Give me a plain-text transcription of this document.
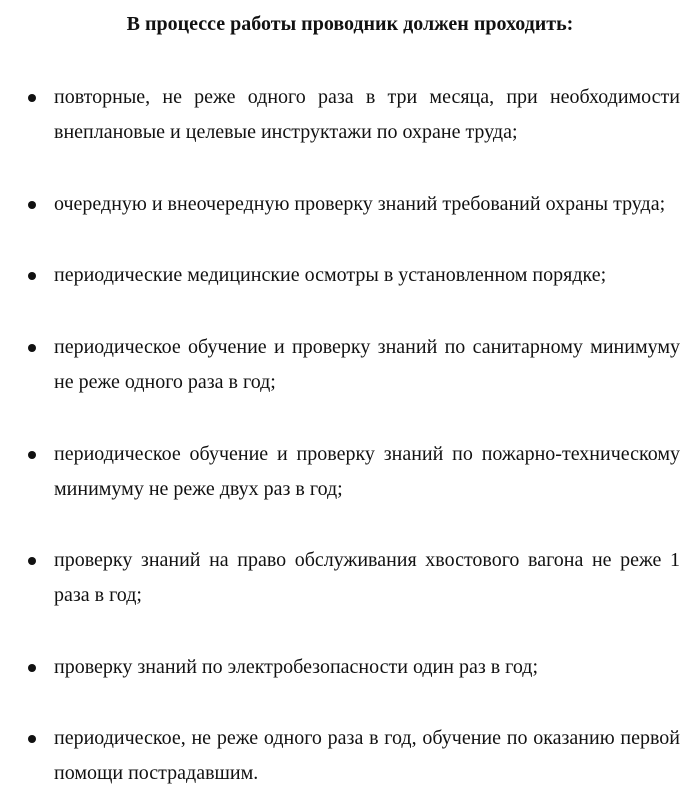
В процессе работы проводник должен проходить:
повторные, не реже одного раза в три месяца, при необходимости внеплановые и целевые инструктажи по охране труда;
очередную и внеочередную проверку знаний требований охраны труда;
периодические медицинские осмотры в установленном порядке;
периодическое обучение и проверку знаний по санитарному минимуму не реже одного раза в год;
периодическое обучение и проверку знаний по пожарно-техническому минимуму не реже двух раз в год;
проверку знаний на право обслуживания хвостового вагона не реже 1 раза в год;
проверку знаний по электробезопасности один раз в год;
периодическое, не реже одного раза в год, обучение по оказанию первой помощи пострадавшим.
